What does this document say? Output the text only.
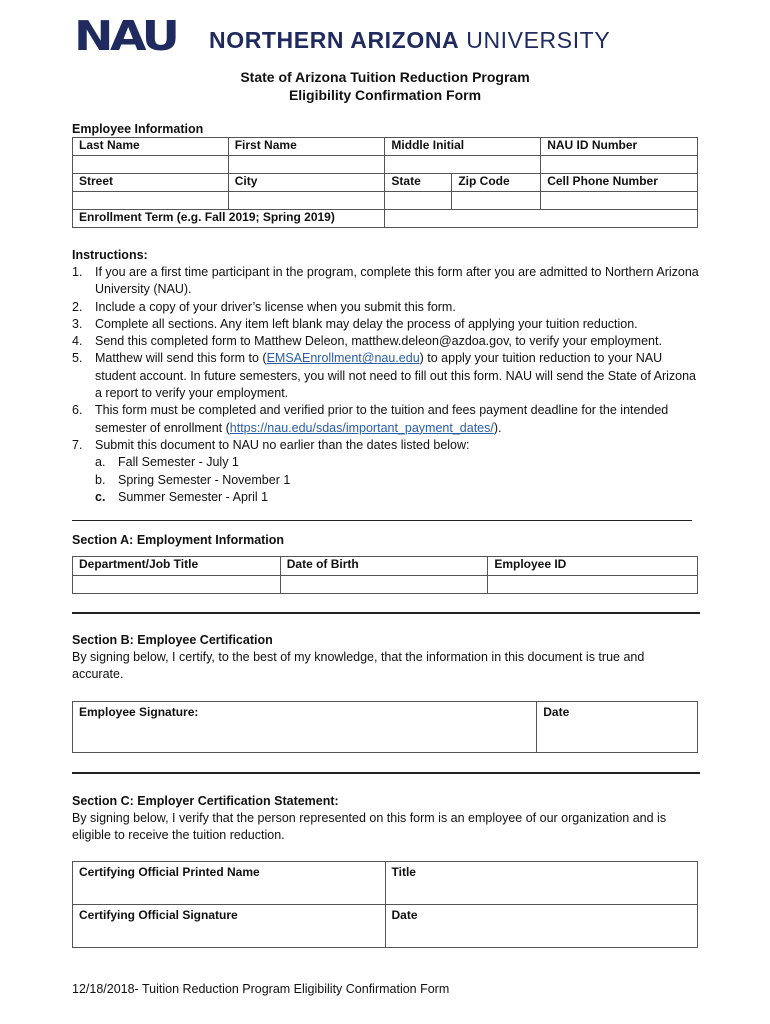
NAU NORTHERN ARIZONA UNIVERSITY
State of Arizona Tuition Reduction Program
Eligibility Confirmation Form
Employee Information
Last Name	First Name	Middle Initial		NAU ID Number

Street	City	State	Zip Code	Cell Phone Number

Enrollment Term (e.g. Fall 2019; Spring 2019)				
Instructions:
1. If you are a first time participant in the program, complete this form after you are admitted to Northern Arizona University (NAU).
2. Include a copy of your driver’s license when you submit this form.
3. Complete all sections. Any item left blank may delay the process of applying your tuition reduction.
4. Send this completed form to Matthew Deleon, matthew.deleon@azdoa.gov, to verify your employment.
5. Matthew will send this form to (EMSAEnrollment@nau.edu) to apply your tuition reduction to your NAU student account. In future semesters, you will not need to fill out this form. NAU will send the State of Arizona a report to verify your employment.
6. This form must be completed and verified prior to the tuition and fees payment deadline for the intended semester of enrollment (https://nau.edu/sdas/important_payment_dates/).
7. Submit this document to NAU no earlier than the dates listed below:
a. Fall Semester - July 1
b. Spring Semester - November 1
c. Summer Semester - April 1
Section A: Employment Information
Department/Job Title	Date of Birth	Employee ID

Section B: Employee Certification
By signing below, I certify, to the best of my knowledge, that the information in this document is true and accurate.
Employee Signature:	Date
Section C: Employer Certification Statement:
By signing below, I verify that the person represented on this form is an employee of our organization and is eligible to receive the tuition reduction.
Certifying Official Printed Name	Title
Certifying Official Signature	Date
12/18/2018- Tuition Reduction Program Eligibility Confirmation Form
